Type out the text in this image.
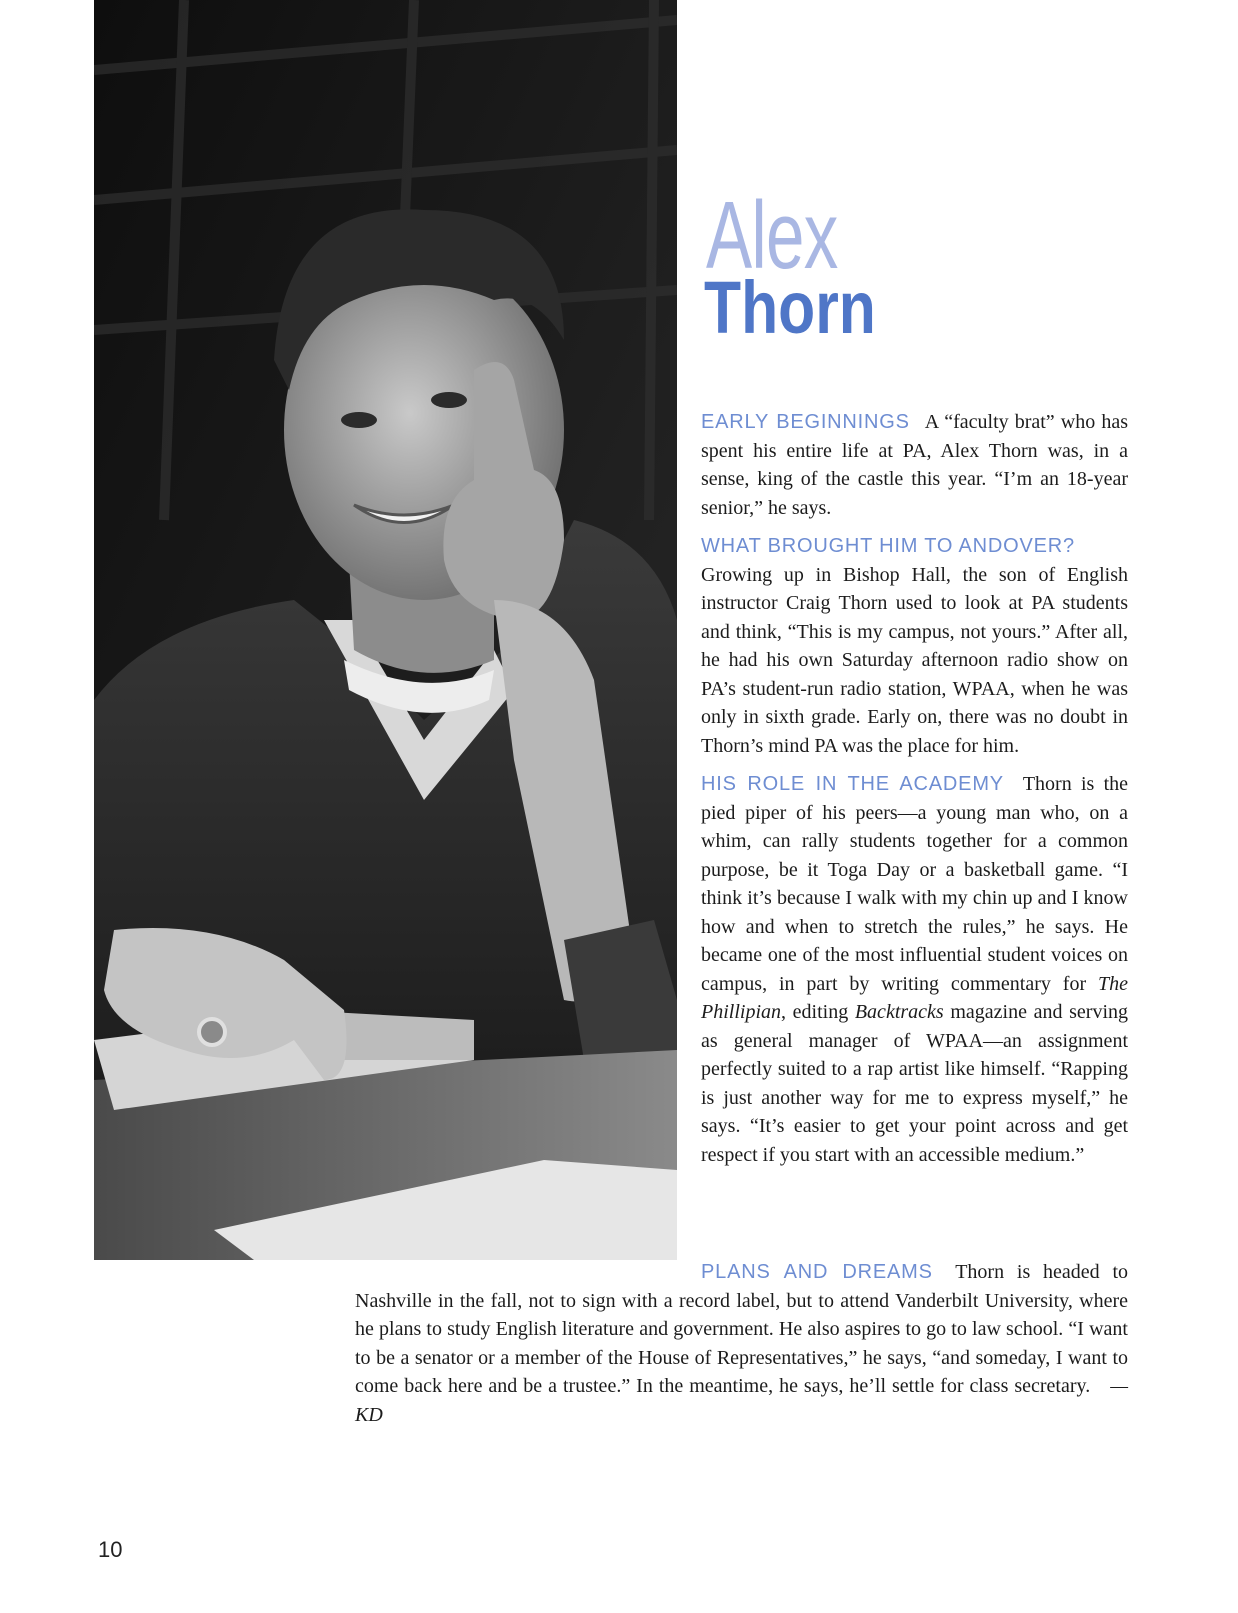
Alex
Thorn

EARLY BEGINNINGS A “faculty brat” who has spent his entire life at PA, Alex Thorn was, in a sense, king of the castle this year. “I’m an 18-year senior,” he says.

WHAT BROUGHT HIM TO ANDOVER?
Growing up in Bishop Hall, the son of English instructor Craig Thorn used to look at PA students and think, “This is my campus, not yours.” After all, he had his own Saturday afternoon radio show on PA’s student-run radio station, WPAA, when he was only in sixth grade. Early on, there was no doubt in Thorn’s mind PA was the place for him.

HIS ROLE IN THE ACADEMY Thorn is the pied piper of his peers—a young man who, on a whim, can rally students together for a common purpose, be it Toga Day or a basketball game. “I think it’s because I walk with my chin up and I know how and when to stretch the rules,” he says. He became one of the most influential student voices on campus, in part by writing commentary for The Phillipian, editing Backtracks magazine and serving as general manager of WPAA—an assignment perfectly suited to a rap artist like himself. “Rapping is just another way for me to express myself,” he says. “It’s easier to get your point across and get respect if you start with an accessible medium.”

PLANS AND DREAMS Thorn is headed to Nashville in the fall, not to sign with a record label, but to attend Vanderbilt University, where he plans to study English literature and government. He also aspires to go to law school. “I want to be a senator or a member of the House of Representatives,” he says, “and someday, I want to come back here and be a trustee.” In the meantime, he says, he’ll settle for class secretary. —KD
10
